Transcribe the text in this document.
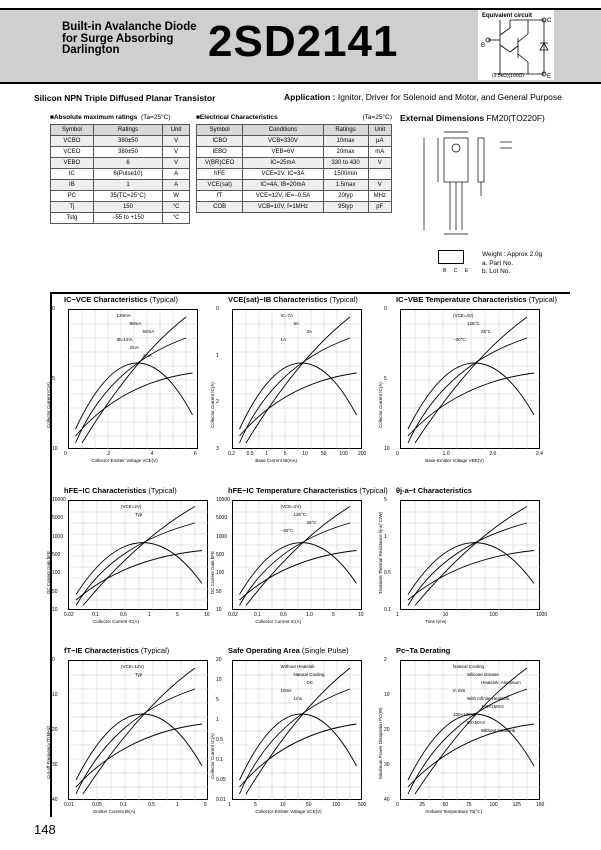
Built-in Avalanche Diode
for Surge Absorbing
Darlington	2SD2141	C
E
B
Equivalent circuit
(1.5kΩ)(100Ω)
Silicon NPN Triple Diffused Planar Transistor	Application : Ignitor, Driver for Solenoid and Motor, and General Purpose
■Absolute maximum ratings (Ta=25°C)
Symbol	Ratings	Unit
VCBO	380±50	V
VCEO	380±50	V
VEBO	6	V
IC	6(Pulse10)	A
IB	1	A
PC	35(TC=25°C)	W
Tj	150	°C
Tstg	−55 to +150	°C
■Electrical Characteristics	(Ta=25°C)
Symbol	Conditions	Ratings	Unit
ICBO	VCB=330V	10max	μA
IEBO	VEB=6V	20max	mA
V(BR)CEO	IC=25mA	330 to 430	V
hFE	VCE=2V, IC=3A	1500min	
VCE(sat)	IC=4A, IB=20mA	1.5max	V
fT	VCE=12V, IE=−0.5A	20typ	MHz
COB	VCB=10V, f=1MHz	95typ	pF
External Dimensions FM20(TO220F)
B C E
Weight : Approx 2.0g
a. Part No.
b. Lot No.
IC−VCE Characteristics (Typical)
0	2	4	6
0
5
10
Collector-Emitter Voltage VCE(V)
Collector Current IC(A)
120mA
90mA
60mA
IB=1mA
2mA
4mA
VCE(sat)−IB Characteristics (Typical)
0.2 0.5 1	5	10	50	100 200
0
1
2
3
Base Current IB(mA)
Collector Current IC(A)
IC=7A
5A
3A
1A
IC−VBE Temperature Characteristics (Typical)
0	1.0	2.0	2.4
0
5
10
Base-Emitter Voltage VBE(V)
Collector Current IC(A)
(VCE=4V)
125°C
25°C
−30°C
hFE−IC Characteristics (Typical)
0.02	0.1	0.5	1	5	10
10000
5000
1000
500
100
50
10
Collector Current IC(A)
DC Current Gain hFE
(VCE=2V)
Typ
hFE−IC Temperature Characteristics (Typical)
0.02	0.1	0.5	1.0	5	10
10000
5000
1000
500
100
50
10
Collector Current IC(A)
DC Current Gain hFE
(VCE=2V)
125°C
25°C
−30°C
θj-a−t Characteristics
1	10	100	1000
5
1
0.5
0.1
Time t(ms)
Transient Thermal Resistance θj-a(°C/W)
fT−IE Characteristics (Typical)
0.01	0.05	0.1	0.5	1	5
0
10
20
30
40
Emitter Current IE(A)
Cut-off Frequency fT(MHz)
(VCE=12V)
Typ
Safe Operating Area (Single Pulse)
1	5	10	50	100	500
20
10
5
1
0.5
0.1
0.05
0.01
Collector-Emitter Voltage VCE(V)
Collector Current IC(A)
Without Heatsink
Natural Cooling
DC
10ms
1ms
Pc−Ta Derating
0	25	50	75	100	125	150
2
10
20
30
40
Ambient Temperature Ta(°C)
Maximum Power Dissipation PC(W)
Natural Cooling
Silicone Grease
Heatsink: Aluminum
in mm
With Infinite Heatsink
150×150×2
100×100×2
50×50×2
Without Heatsink
148
